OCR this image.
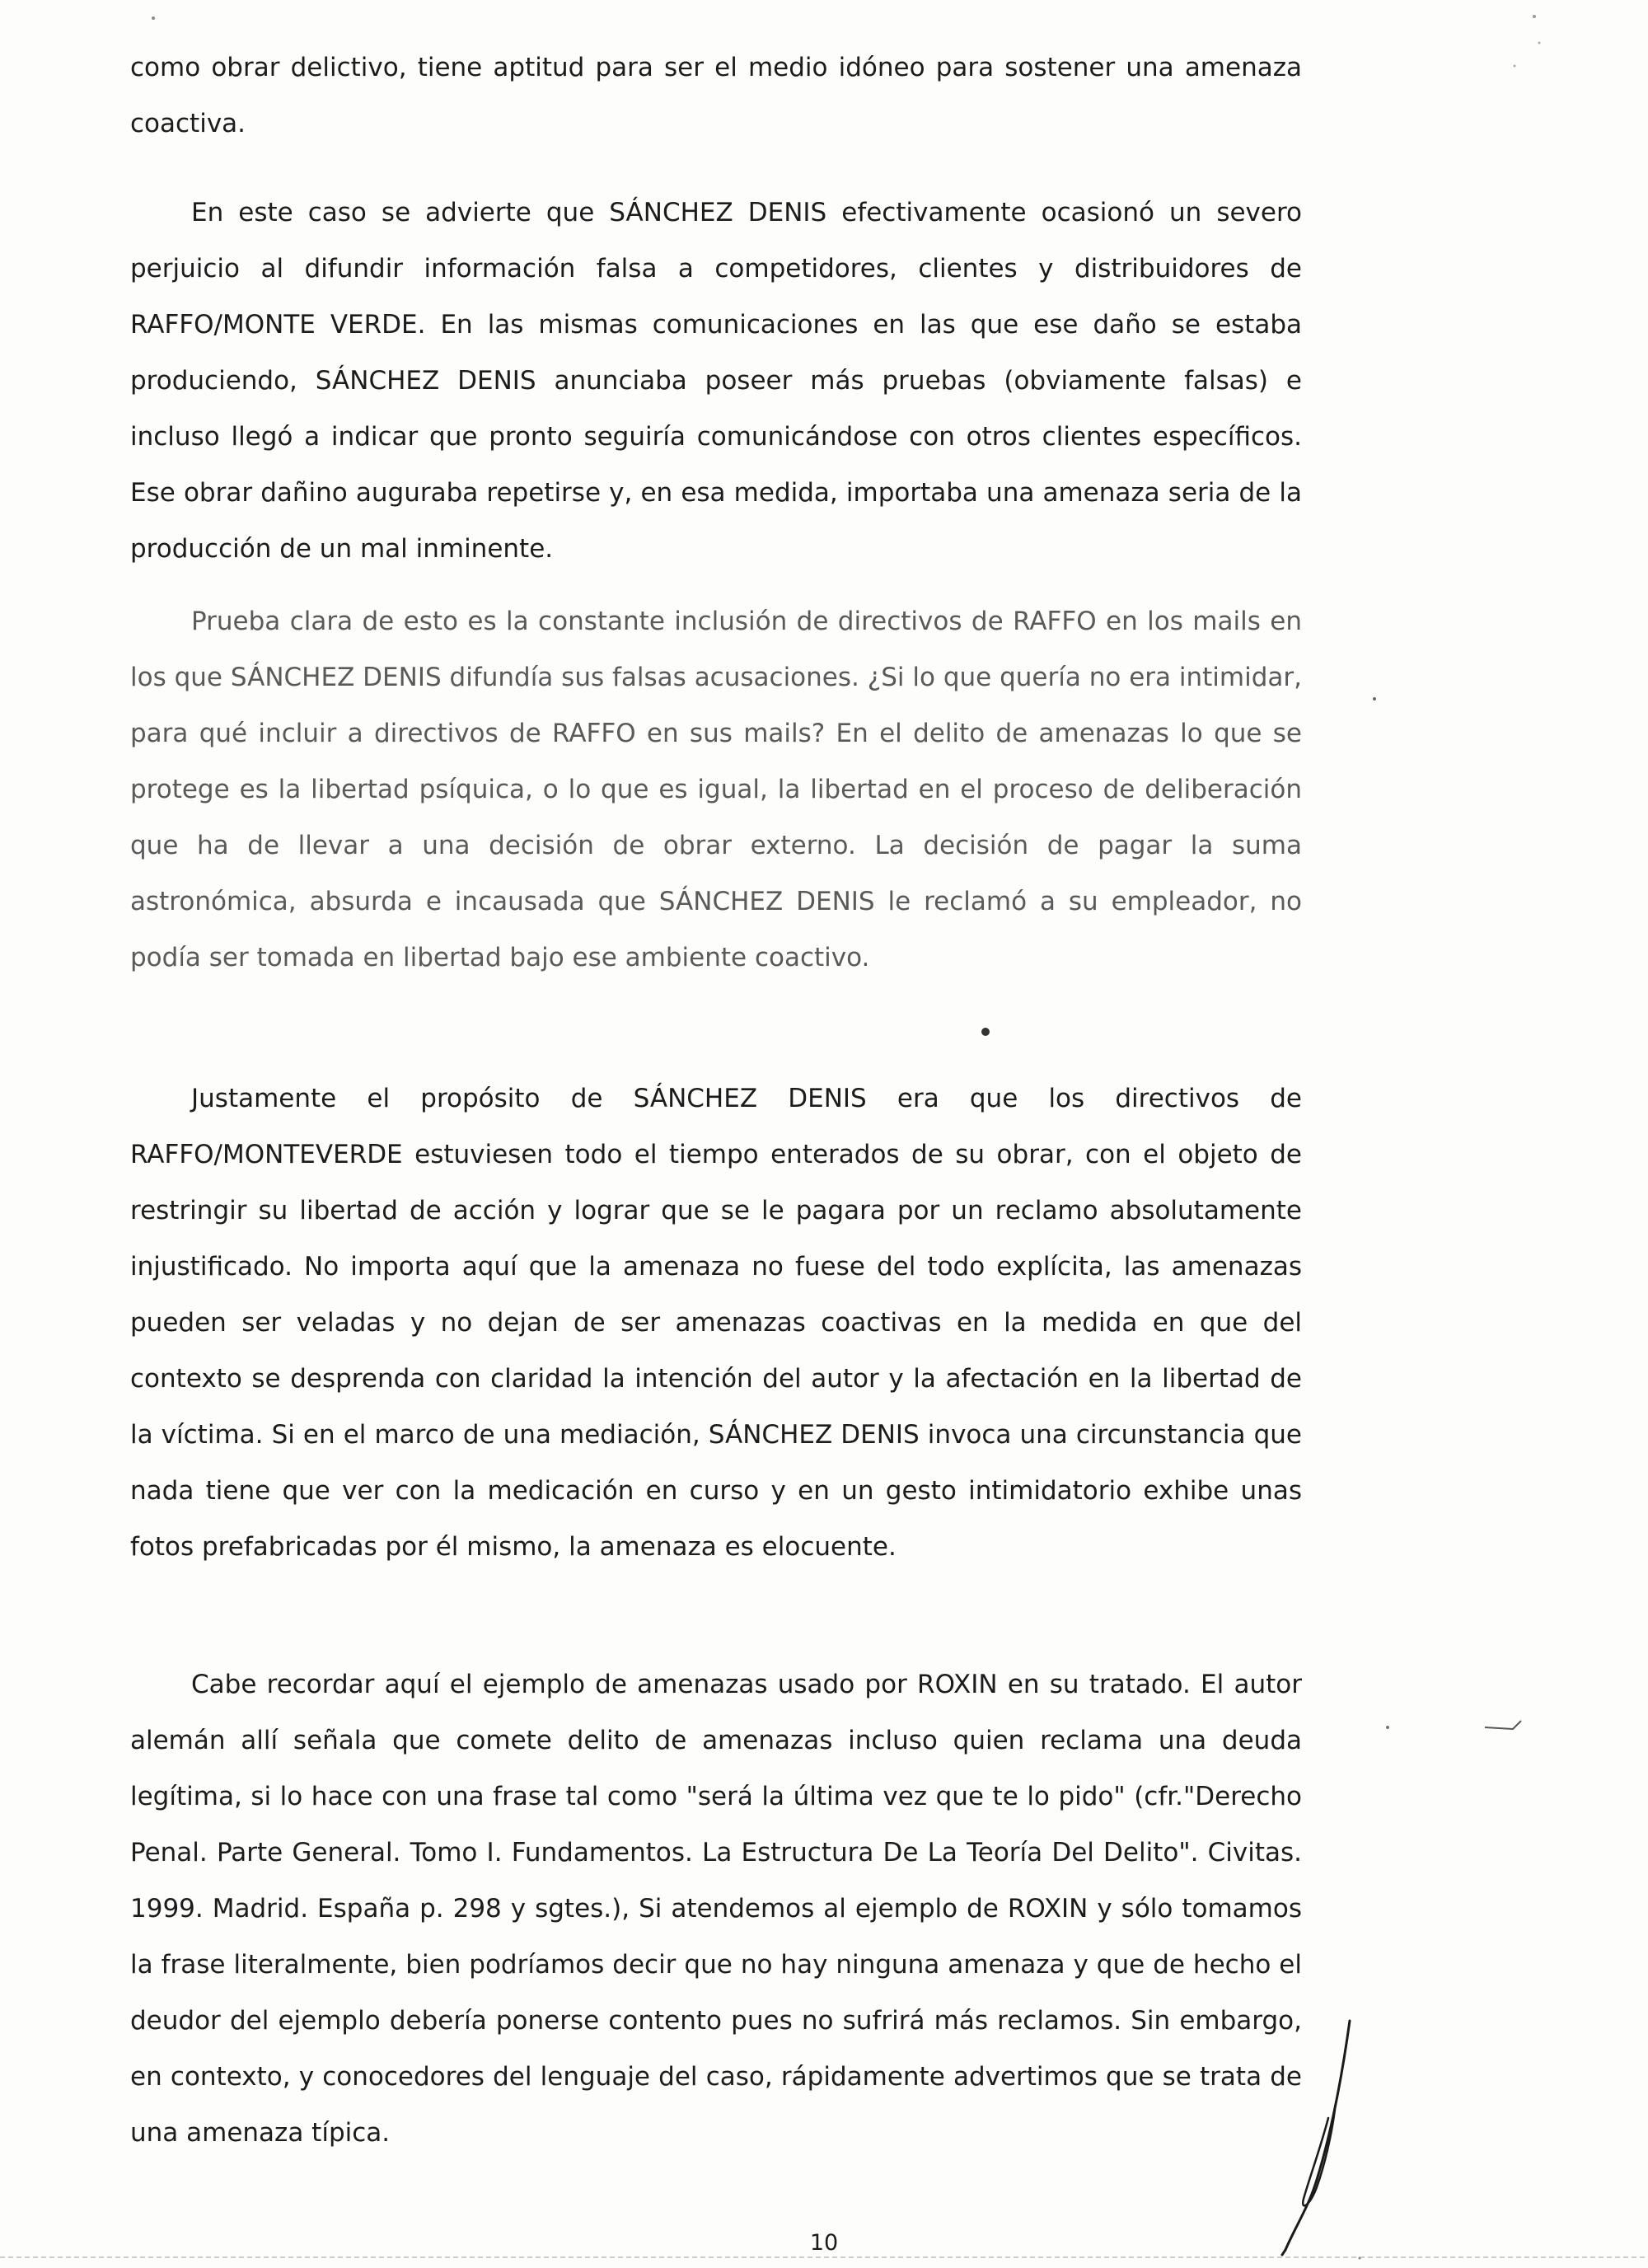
como obrar delictivo, tiene aptitud para ser el medio idóneo para sostener una amenaza coactiva.

En este caso se advierte que SÁNCHEZ DENIS efectivamente ocasionó un severo perjuicio al difundir información falsa a competidores, clientes y distribuidores de RAFFO/MONTE VERDE. En las mismas comunicaciones en las que ese daño se estaba produciendo, SÁNCHEZ DENIS anunciaba poseer más pruebas (obviamente falsas) e incluso llegó a indicar que pronto seguiría comunicándose con otros clientes específicos. Ese obrar dañino auguraba repetirse y, en esa medida, importaba una amenaza seria de la producción de un mal inminente.

Prueba clara de esto es la constante inclusión de directivos de RAFFO en los mails en los que SÁNCHEZ DENIS difundía sus falsas acusaciones. ¿Si lo que quería no era intimidar, para qué incluir a directivos de RAFFO en sus mails? En el delito de amenazas lo que se protege es la libertad psíquica, o lo que es igual, la libertad en el proceso de deliberación que ha de llevar a una decisión de obrar externo. La decisión de pagar la suma astronómica, absurda e incausada que SÁNCHEZ DENIS le reclamó a su empleador, no podía ser tomada en libertad bajo ese ambiente coactivo.

Justamente el propósito de SÁNCHEZ DENIS era que los directivos de RAFFO/MONTEVERDE estuviesen todo el tiempo enterados de su obrar, con el objeto de restringir su libertad de acción y lograr que se le pagara por un reclamo absolutamente injustificado. No importa aquí que la amenaza no fuese del todo explícita, las amenazas pueden ser veladas y no dejan de ser amenazas coactivas en la medida en que del contexto se desprenda con claridad la intención del autor y la afectación en la libertad de la víctima. Si en el marco de una mediación, SÁNCHEZ DENIS invoca una circunstancia que nada tiene que ver con la medicación en curso y en un gesto intimidatorio exhibe unas fotos prefabricadas por él mismo, la amenaza es elocuente.

Cabe recordar aquí el ejemplo de amenazas usado por ROXIN en su tratado. El autor alemán allí señala que comete delito de amenazas incluso quien reclama una deuda legítima, si lo hace con una frase tal como "será la última vez que te lo pido" (cfr."Derecho Penal. Parte General. Tomo I. Fundamentos. La Estructura De La Teoría Del Delito". Civitas. 1999. Madrid. España p. 298 y sgtes.), Si atendemos al ejemplo de ROXIN y sólo tomamos la frase literalmente, bien podríamos decir que no hay ninguna amenaza y que de hecho el deudor del ejemplo debería ponerse contento pues no sufrirá más reclamos. Sin embargo, en contexto, y conocedores del lenguaje del caso, rápidamente advertimos que se trata de una amenaza típica.

10
